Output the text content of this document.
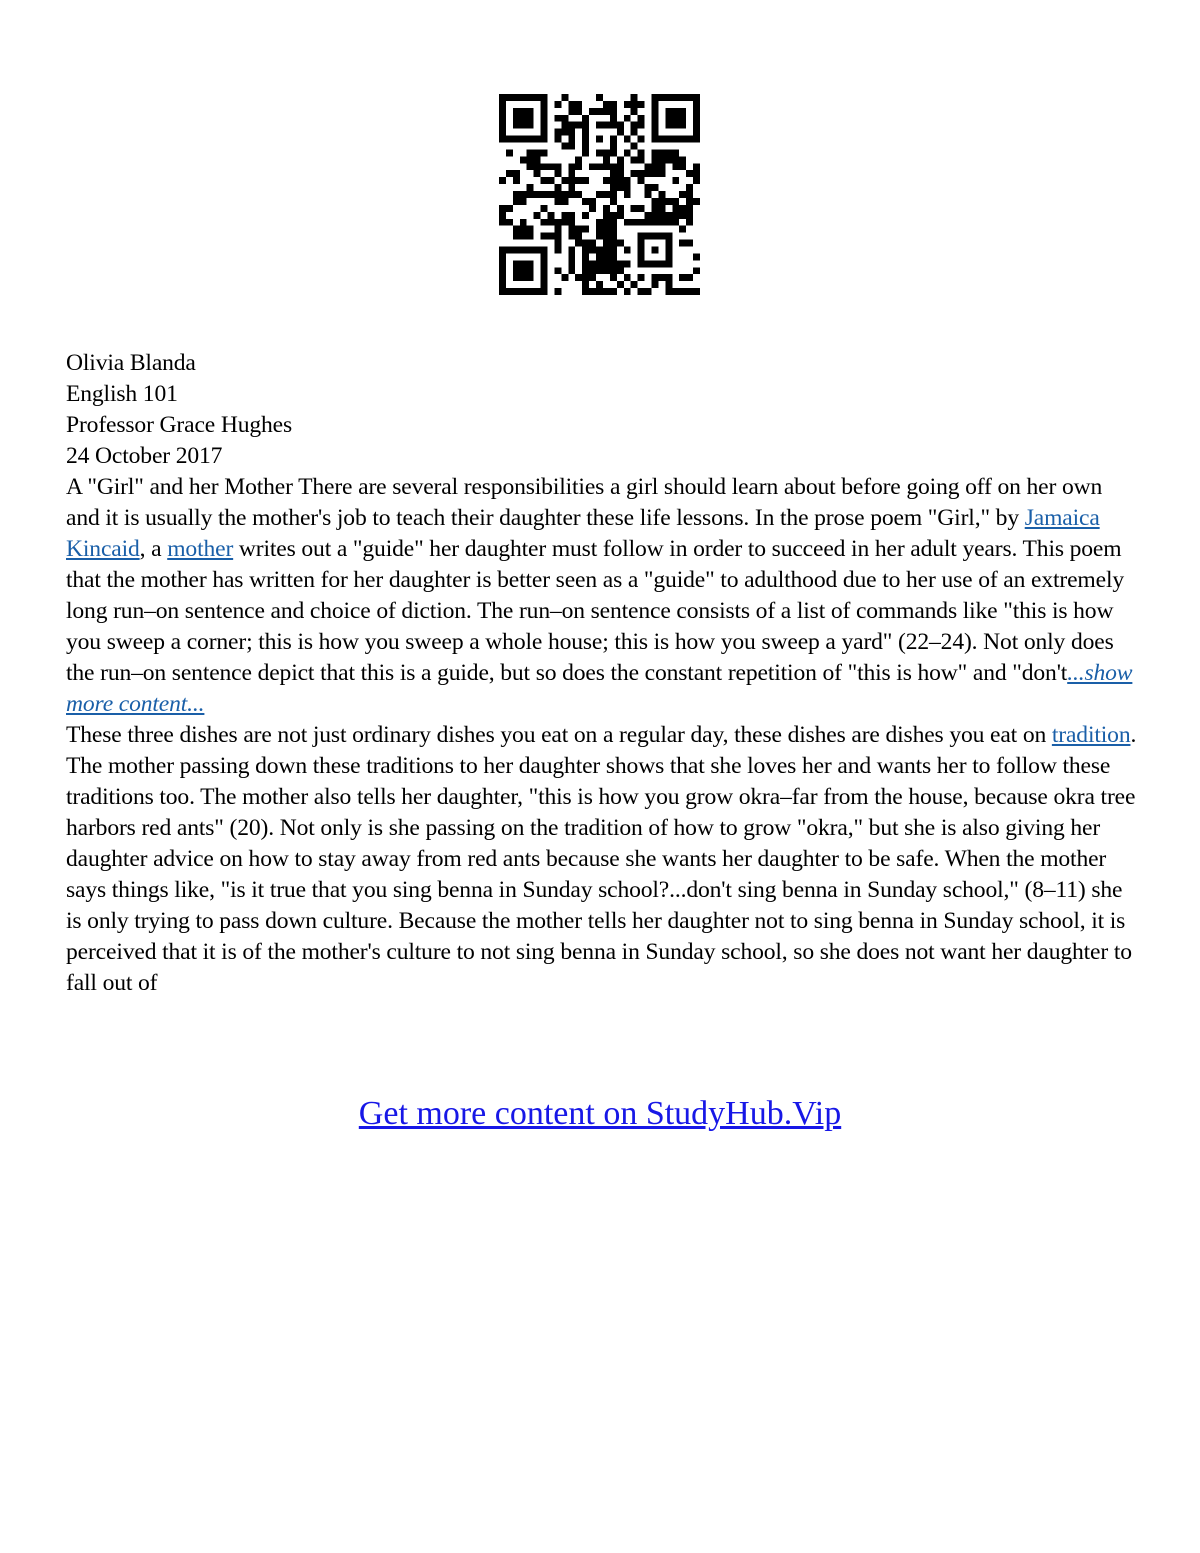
Olivia Blanda

English 101

Professor Grace Hughes

24 October 2017

A "Girl" and her Mother There are several responsibilities a girl should learn about before going off on her own and it is usually the mother's job to teach their daughter these life lessons. In the prose poem "Girl," by Jamaica Kincaid, a mother writes out a "guide" her daughter must follow in order to succeed in her adult years. This poem that the mother has written for her daughter is better seen as a "guide" to adulthood due to her use of an extremely long run–on sentence and choice of diction. The run–on sentence consists of a list of commands like "this is how you sweep a corner; this is how you sweep a whole house; this is how you sweep a yard" (22–24). Not only does the run–on sentence depict that this is a guide, but so does the constant repetition of "this is how" and "don't...show more content...

These three dishes are not just ordinary dishes you eat on a regular day, these dishes are dishes you eat on tradition. The mother passing down these traditions to her daughter shows that she loves her and wants her to follow these traditions too. The mother also tells her daughter, "this is how you grow okra–far from the house, because okra tree harbors red ants" (20). Not only is she passing on the tradition of how to grow "okra," but she is also giving her daughter advice on how to stay away from red ants because she wants her daughter to be safe. When the mother says things like, "is it true that you sing benna in Sunday school?...don't sing benna in Sunday school," (8–11) she is only trying to pass down culture. Because the mother tells her daughter not to sing benna in Sunday school, it is perceived that it is of the mother's culture to not sing benna in Sunday school, so she does not want her daughter to fall out of

Get more content on StudyHub.Vip
